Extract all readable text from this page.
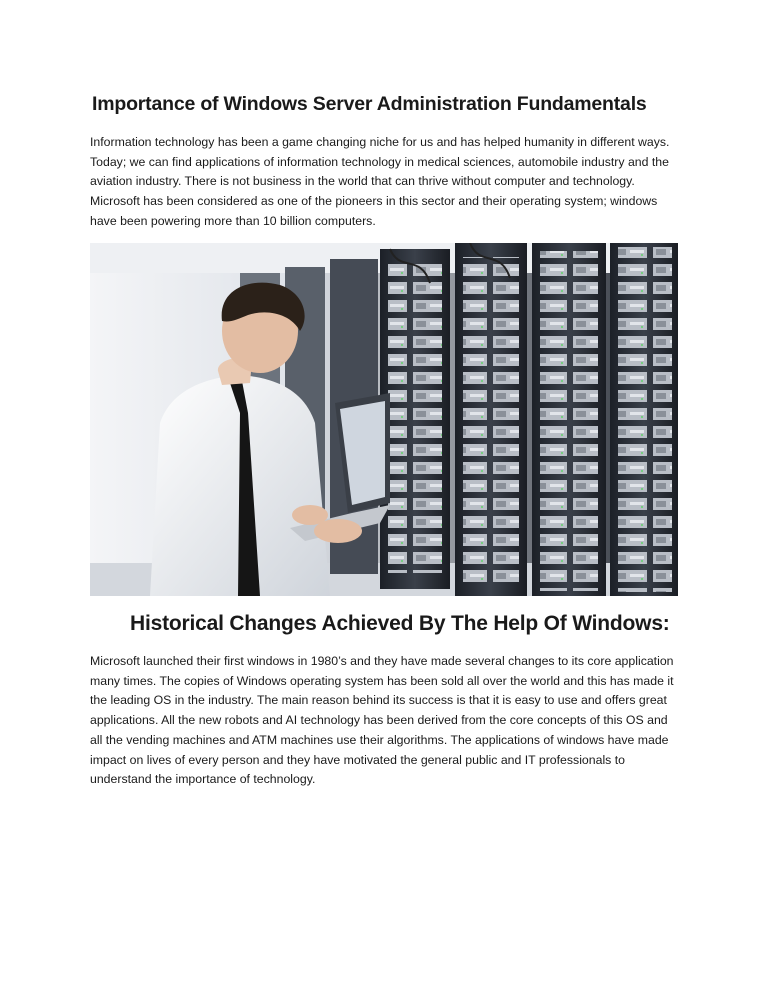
Importance of Windows Server Administration Fundamentals
Information technology has been a game changing niche for us and has helped humanity in different ways. Today; we can find applications of information technology in medical sciences, automobile industry and the aviation industry. There is not business in the world that can thrive without computer and technology. Microsoft has been considered as one of the pioneers in this sector and their operating system; windows have been powering more than 10 billion computers.
Historical Changes Achieved By The Help Of Windows:
Microsoft launched their first windows in 1980’s and they have made several changes to its core application many times. The copies of Windows operating system has been sold all over the world and this has made it the leading OS in the industry. The main reason behind its success is that it is easy to use and offers great applications. All the new robots and AI technology has been derived from the core concepts of this OS and all the vending machines and ATM machines use their algorithms. The applications of windows have made impact on lives of every person and they have motivated the general public and IT professionals to understand the importance of technology.
